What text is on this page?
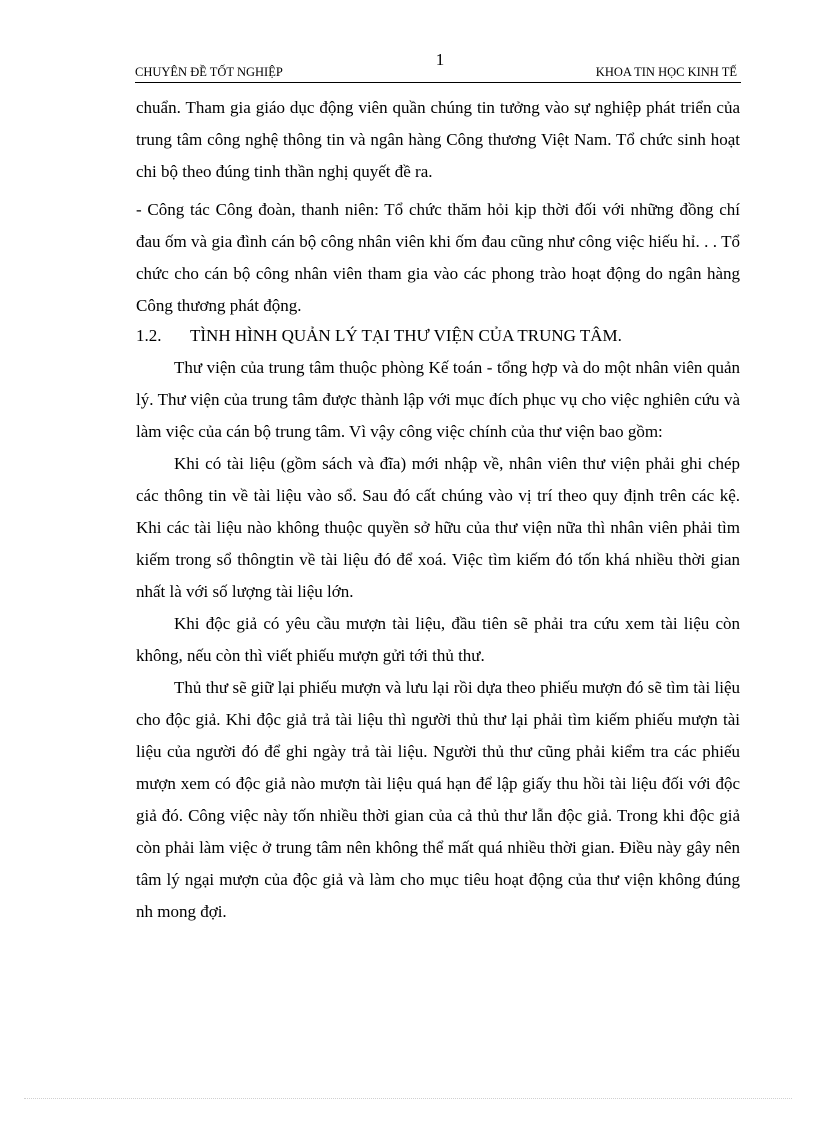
1
CHUYÊN ĐỀ TỐT NGHIỆP	KHOA TIN HỌC KINH TẾ

chuẩn. Tham gia giáo dục động viên quần chúng tin tưởng vào sự nghiệp phát triển của trung tâm công nghệ thông tin và ngân hàng Công thương Việt Nam. Tổ chức sinh hoạt chi bộ theo đúng tinh thần nghị quyết đề ra.

- Công tác Công đoàn, thanh niên: Tổ chức thăm hỏi kịp thời đối với những đồng chí đau ốm và gia đình cán bộ công nhân viên khi ốm đau cũng như công việc hiếu hỉ. . . Tổ chức cho cán bộ công nhân viên tham gia vào các phong trào hoạt động do ngân hàng Công thương phát động.

1.2. TÌNH HÌNH QUẢN LÝ TẠI THƯ VIỆN CỦA TRUNG TÂM.

Thư viện của trung tâm thuộc phòng Kế toán - tổng hợp và do một nhân viên quản lý. Thư viện của trung tâm được thành lập với mục đích phục vụ cho việc nghiên cứu và làm việc của cán bộ trung tâm. Vì vậy công việc chính của thư viện bao gồm:

Khi có tài liệu (gồm sách và đĩa) mới nhập về, nhân viên thư viện phải ghi chép các thông tin về tài liệu vào sổ. Sau đó cất chúng vào vị trí theo quy định trên các kệ. Khi các tài liệu nào không thuộc quyền sở hữu của thư viện nữa thì nhân viên phải tìm kiếm trong sổ thôngtin về tài liệu đó để xoá. Việc tìm kiếm đó tốn khá nhiều thời gian nhất là với số lượng tài liệu lớn.

Khi độc giả có yêu cầu mượn tài liệu, đầu tiên sẽ phải tra cứu xem tài liệu còn không, nếu còn thì viết phiếu mượn gửi tới thủ thư.

Thủ thư sẽ giữ lại phiếu mượn và lưu lại rồi dựa theo phiếu mượn đó sẽ tìm tài liệu cho độc giả. Khi độc giả trả tài liệu thì người thủ thư lại phải tìm kiếm phiếu mượn tài liệu của người đó để ghi ngày trả tài liệu. Người thủ thư cũng phải kiểm tra các phiếu mượn xem có độc giả nào mượn tài liệu quá hạn để lập giấy thu hồi tài liệu đối với độc giả đó. Công việc này tốn nhiều thời gian của cả thủ thư lẫn độc giả. Trong khi độc giả còn phải làm việc ở trung tâm nên không thể mất quá nhiều thời gian. Điều này gây nên tâm lý ngại mượn của độc giả và làm cho mục tiêu hoạt động của thư viện không đúng nh mong đợi.
